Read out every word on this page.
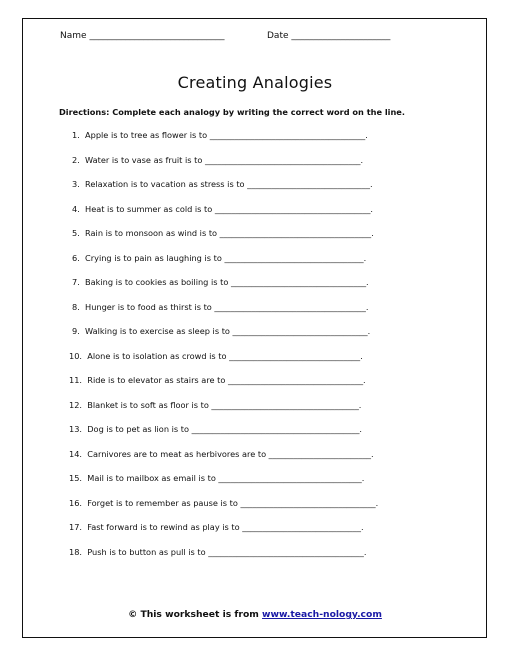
Name ______________________________	Date ______________________
Creating Analogies
Directions: Complete each analogy by writing the correct word on the line.
1. Apple is to tree as flower is to ______________________________________.
2. Water is to vase as fruit is to ______________________________________.
3. Relaxation is to vacation as stress is to ______________________________.
4. Heat is to summer as cold is to ______________________________________.
5. Rain is to monsoon as wind is to _____________________________________.
6. Crying is to pain as laughing is to __________________________________.
7. Baking is to cookies as boiling is to _________________________________.
8. Hunger is to food as thirst is to _____________________________________.
9. Walking is to exercise as sleep is to _________________________________.
10. Alone is to isolation as crowd is to ________________________________.
11. Ride is to elevator as stairs are to _________________________________.
12. Blanket is to soft as floor is to ____________________________________.
13. Dog is to pet as lion is to _________________________________________.
14. Carnivores are to meat as herbivores are to _________________________.
15. Mail is to mailbox as email is to ___________________________________.
16. Forget is to remember as pause is to _________________________________.
17. Fast forward is to rewind as play is to _____________________________.
18. Push is to button as pull is to ______________________________________.
© This worksheet is from www.teach-nology.com
